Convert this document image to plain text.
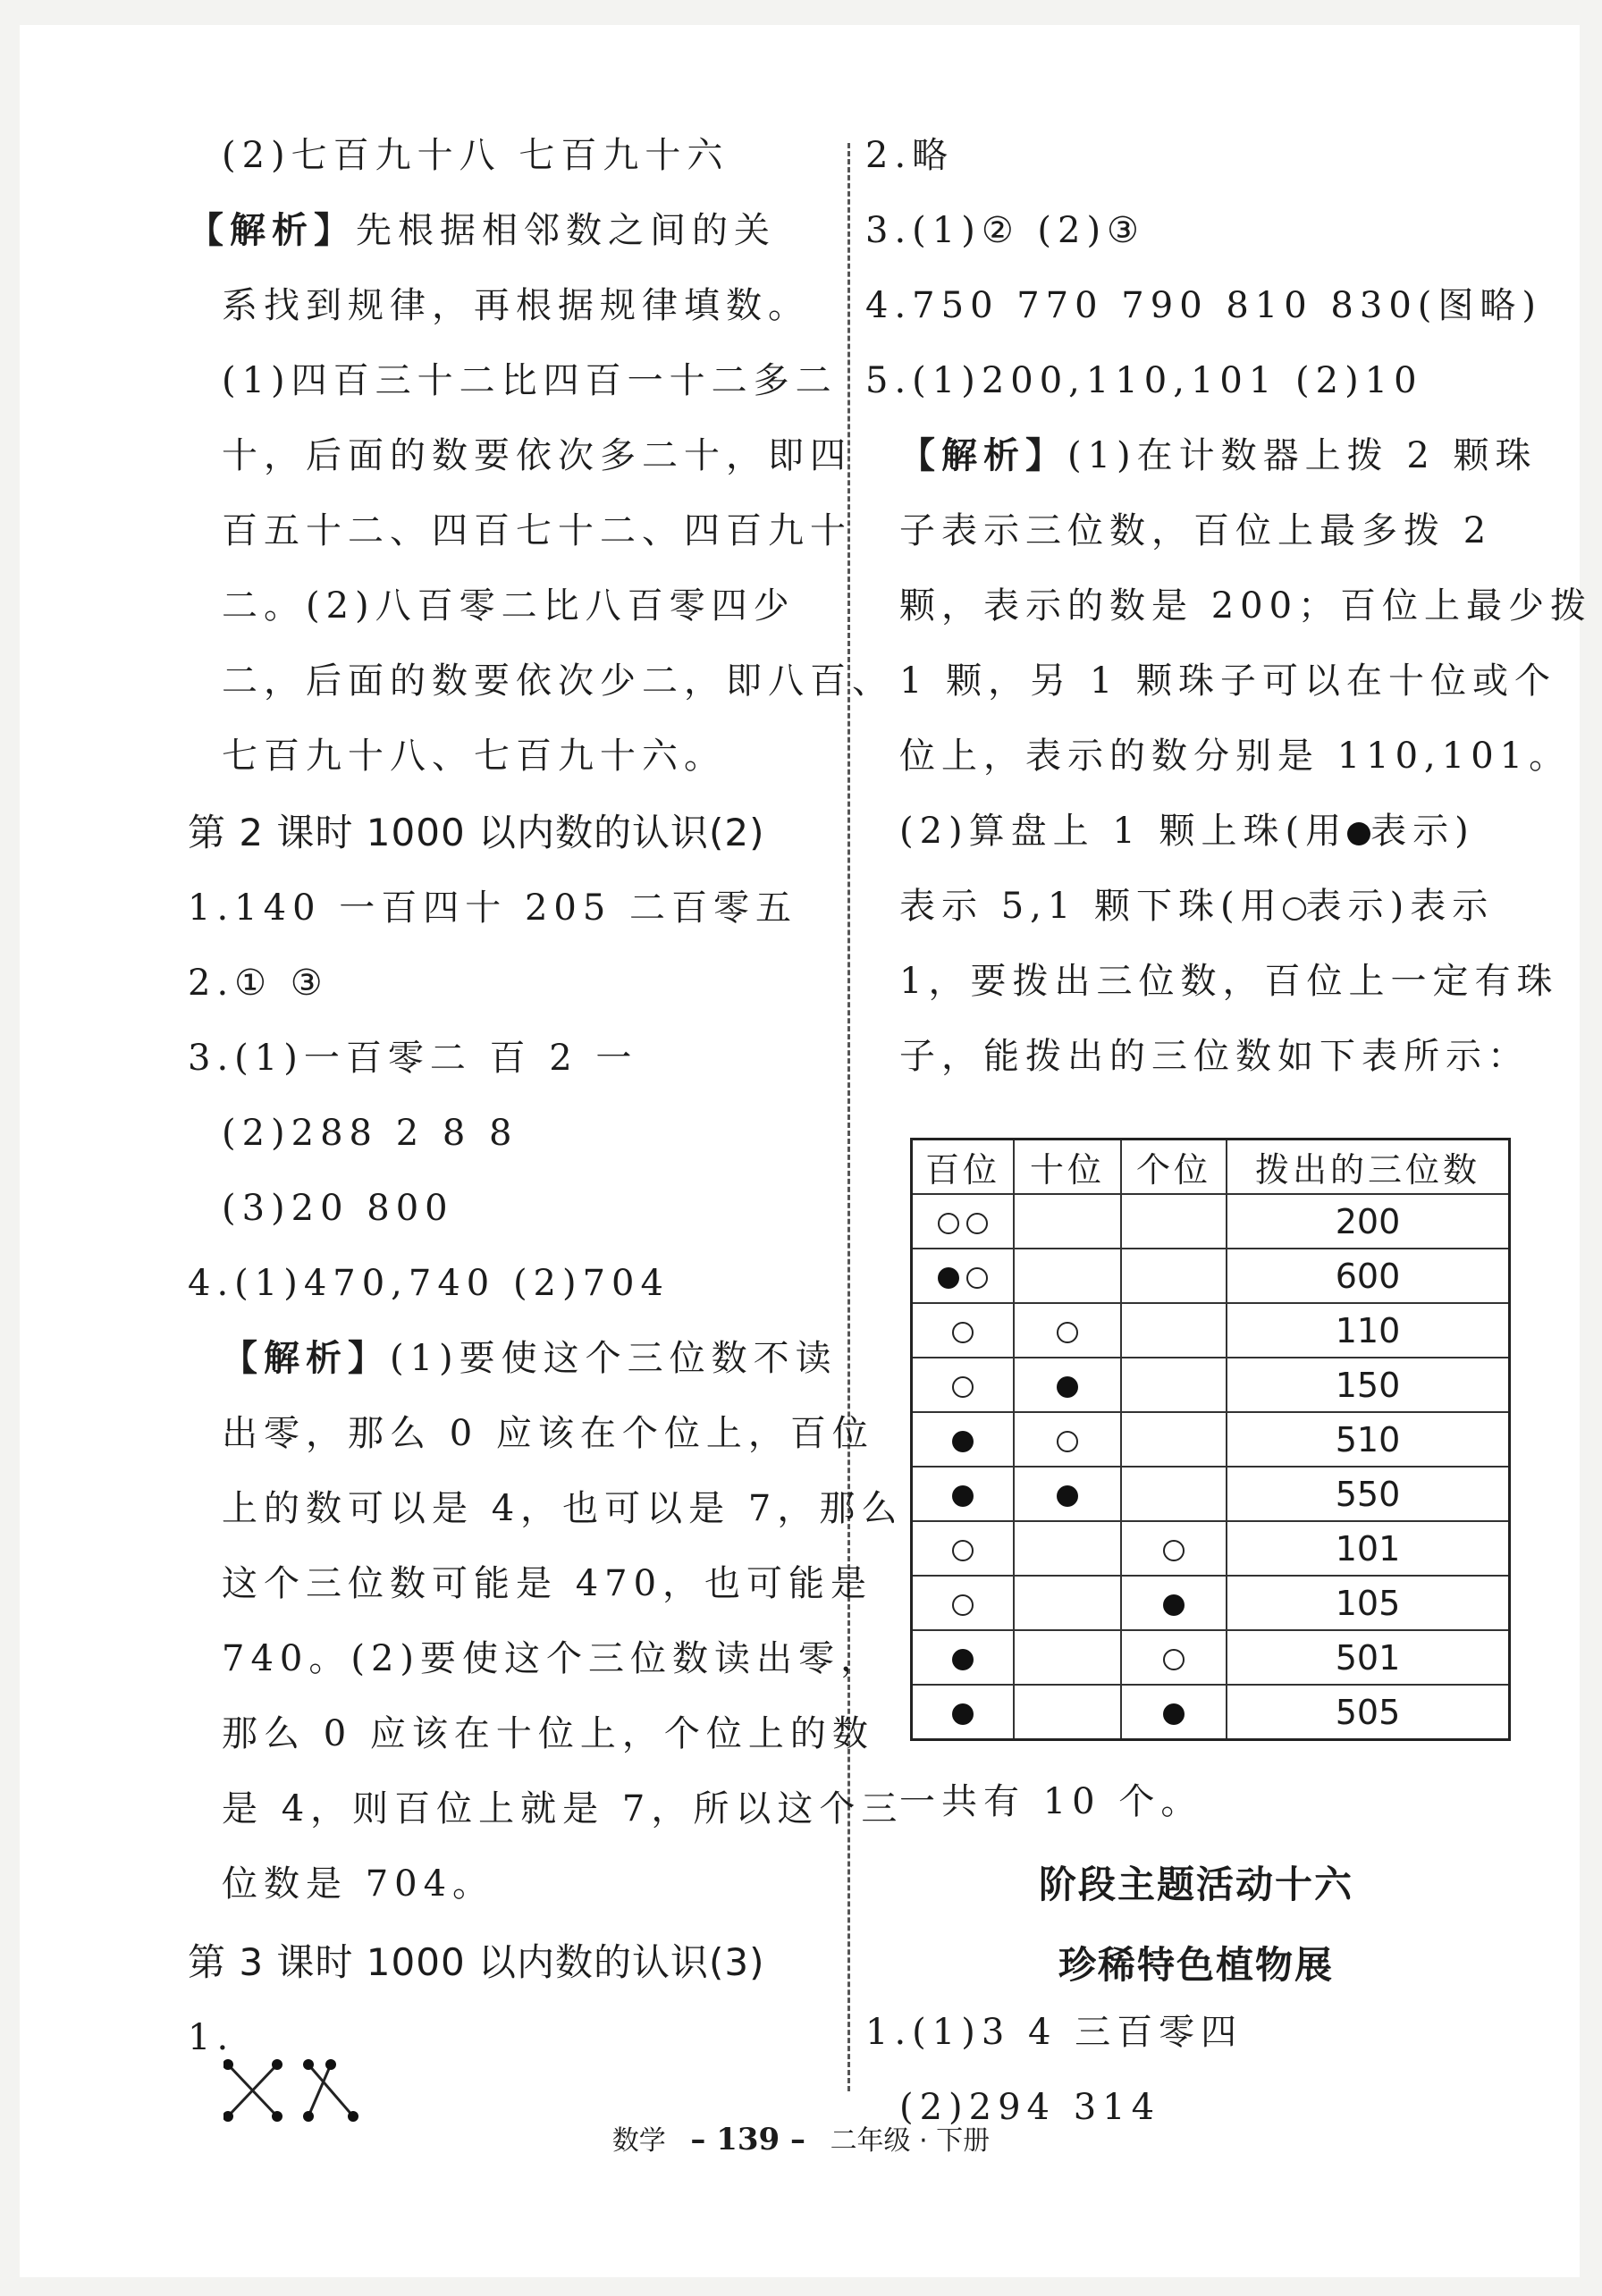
(2)七百九十八 七百九十六
【解析】先根据相邻数之间的关
系找到规律，再根据规律填数。
(1)四百三十二比四百一十二多二
十，后面的数要依次多二十，即四
百五十二、四百七十二、四百九十
二。(2)八百零二比八百零四少
二，后面的数要依次少二，即八百、
七百九十八、七百九十六。
第 2 课时 1000 以内数的认识(2)
1.140 一百四十 205 二百零五
2.① ③
3.(1)一百零二 百 2 一
(2)288 2 8 8
(3)20 800
4.(1)470,740 (2)704
【解析】(1)要使这个三位数不读
出零，那么 0 应该在个位上，百位
上的数可以是 4，也可以是 7，那么
这个三位数可能是 470，也可能是
740。(2)要使这个三位数读出零，
那么 0 应该在十位上，个位上的数
是 4，则百位上就是 7，所以这个三
位数是 704。
第 3 课时 1000 以内数的认识(3)
1.
2.略
3.(1)② (2)③
4.750 770 790 810 830(图略)
5.(1)200,110,101 (2)10
【解析】(1)在计数器上拨 2 颗珠
子表示三位数，百位上最多拨 2
颗，表示的数是 200；百位上最少拨
1 颗，另 1 颗珠子可以在十位或个
位上，表示的数分别是 110,101。
(2)算盘上 1 颗上珠(用 表示)
表示 5,1 颗下珠(用 表示)表示
1，要拨出三位数，百位上一定有珠
子，能拨出的三位数如下表所示：
百位	十位	个位	拨出的三位数
			200
			600
			110
			150
			510
			550
			101
			105
			501
			505
一共有 10 个。
阶段主题活动十六
珍稀特色植物展
1.(1)3 4 三百零四
(2)294 314
数学 – 139 – 二年级 · 下册
